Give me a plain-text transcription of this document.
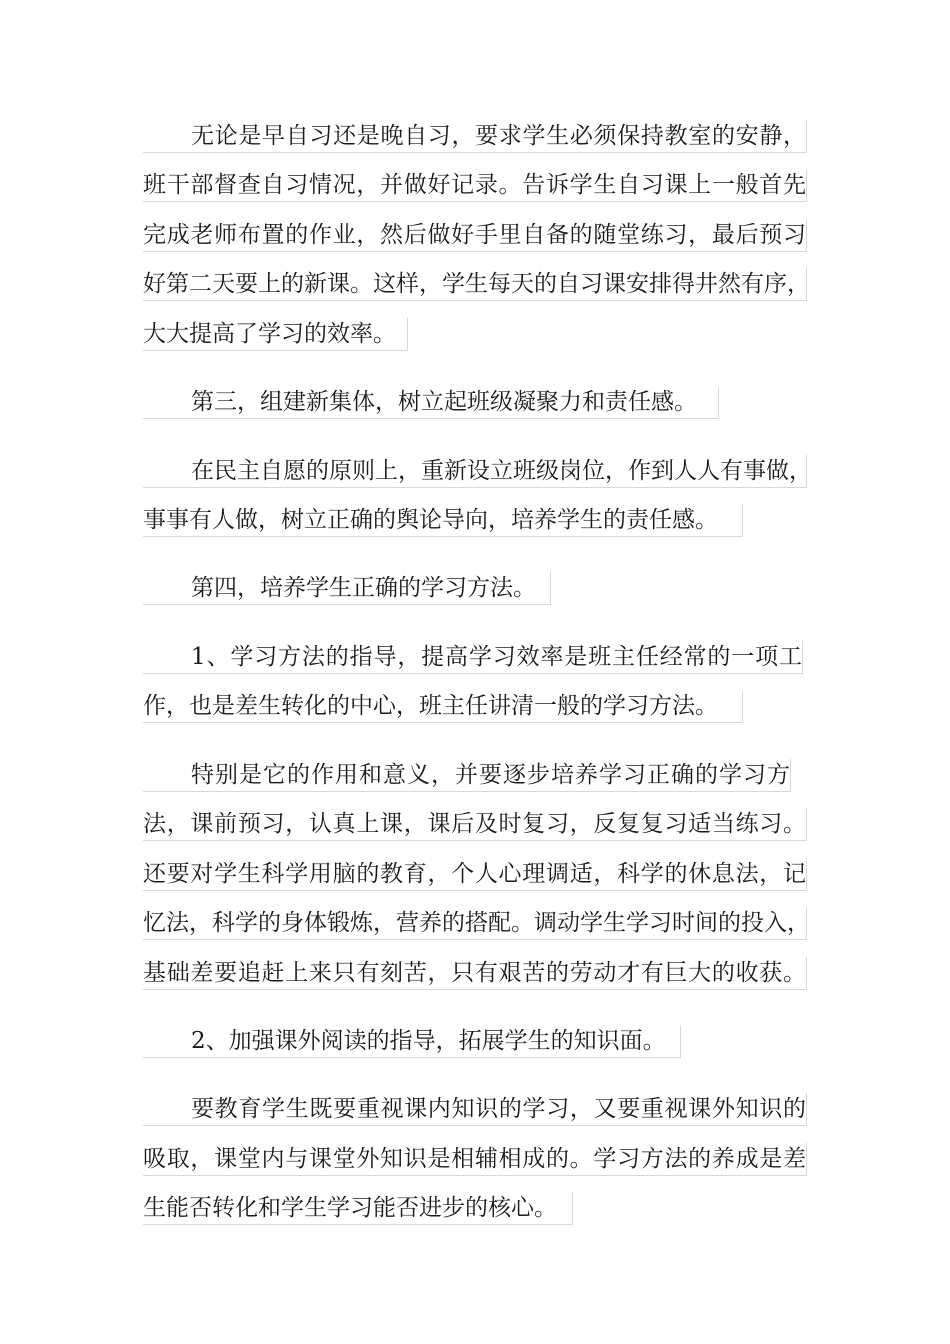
无论是早自习还是晚自习，要求学生必须保持教室的安静，
班干部督查自习情况，并做好记录。告诉学生自习课上一般首先
完成老师布置的作业，然后做好手里自备的随堂练习，最后预习
好第二天要上的新课。这样，学生每天的自习课安排得井然有序，
大大提高了学习的效率。
第三，组建新集体，树立起班级凝聚力和责任感。
在民主自愿的原则上，重新设立班级岗位，作到人人有事做，
事事有人做，树立正确的舆论导向，培养学生的责任感。
第四，培养学生正确的学习方法。
1、学习方法的指导，提高学习效率是班主任经常的一项工
作，也是差生转化的中心，班主任讲清一般的学习方法。
特别是它的作用和意义，并要逐步培养学习正确的学习方
法，课前预习，认真上课，课后及时复习，反复复习适当练习。
还要对学生科学用脑的教育，个人心理调适，科学的休息法，记
忆法，科学的身体锻炼，营养的搭配。调动学生学习时间的投入，
基础差要追赶上来只有刻苦，只有艰苦的劳动才有巨大的收获。
2、加强课外阅读的指导，拓展学生的知识面。
要教育学生既要重视课内知识的学习，又要重视课外知识的
吸取，课堂内与课堂外知识是相辅相成的。学习方法的养成是差
生能否转化和学生学习能否进步的核心。
